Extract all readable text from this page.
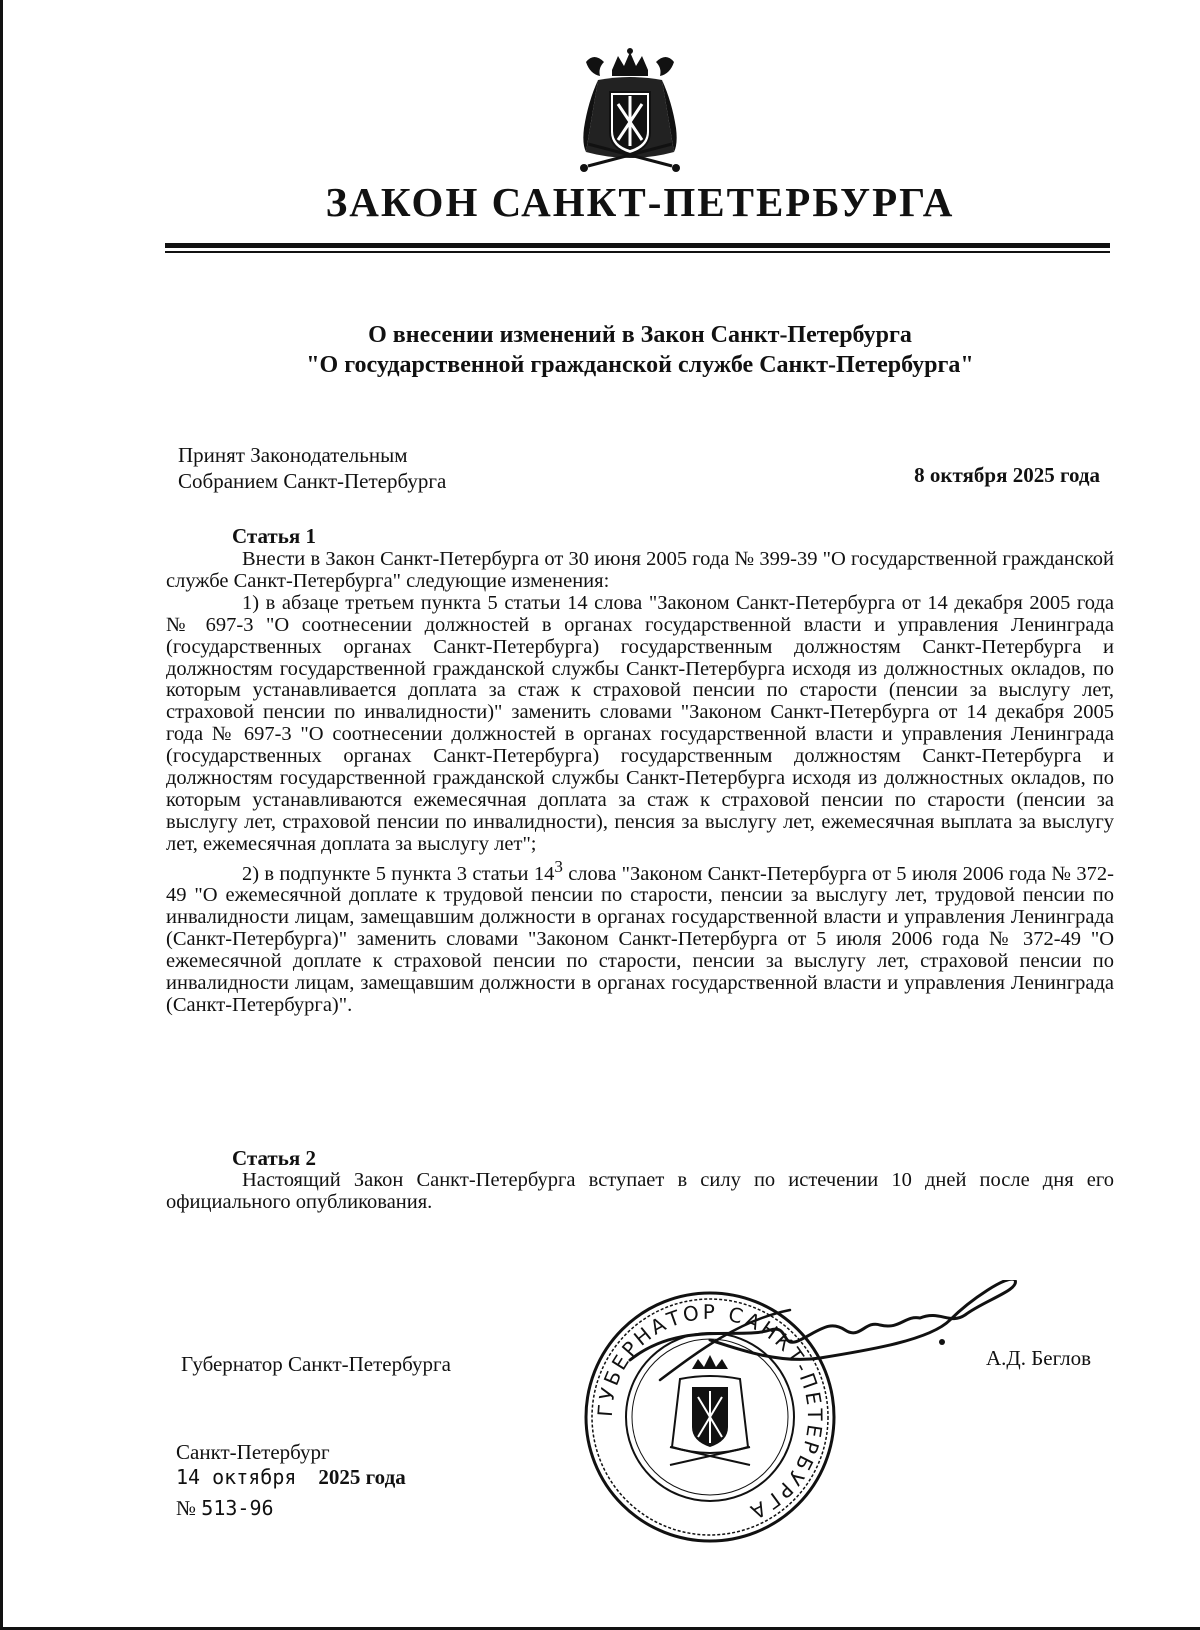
ЗАКОН САНКТ-ПЕТЕРБУРГА
О внесении изменений в Закон Санкт-Петербурга
"О государственной гражданской службе Санкт-Петербурга"
Принят Законодательным
Собранием Санкт-Петербурга	8 октября 2025 года
Статья 1

Внести в Закон Санкт-Петербурга от 30 июня 2005 года № 399-39 "О государственной гражданской службе Санкт-Петербурга" следующие изменения:

1) в абзаце третьем пункта 5 статьи 14 слова "Законом Санкт-Петербурга от 14 декабря 2005 года № 697-3 "О соотнесении должностей в органах государственной власти и управления Ленинграда (государственных органах Санкт-Петербурга) государственным должностям Санкт-Петербурга и должностям государственной гражданской службы Санкт-Петербурга исходя из должностных окладов, по которым устанавливается доплата за стаж к страховой пенсии по старости (пенсии за выслугу лет, страховой пенсии по инвалидности)" заменить словами "Законом Санкт-Петербурга от 14 декабря 2005 года № 697-3 "О соотнесении должностей в органах государственной власти и управления Ленинграда (государственных органах Санкт-Петербурга) государственным должностям Санкт-Петербурга и должностям государственной гражданской службы Санкт-Петербурга исходя из должностных окладов, по которым устанавливаются ежемесячная доплата за стаж к страховой пенсии по старости (пенсии за выслугу лет, страховой пенсии по инвалидности), пенсия за выслугу лет, ежемесячная выплата за выслугу лет, ежемесячная доплата за выслугу лет";

2) в подпункте 5 пункта 3 статьи $14^3$ слова "Законом Санкт-Петербурга от 5 июля 2006 года № 372-49 "О ежемесячной доплате к трудовой пенсии по старости, пенсии за выслугу лет, трудовой пенсии по инвалидности лицам, замещавшим должности в органах государственной власти и управления Ленинграда (Санкт-Петербурга)" заменить словами "Законом Санкт-Петербурга от 5 июля 2006 года № 372-49 "О ежемесячной доплате к страховой пенсии по старости, пенсии за выслугу лет, страховой пенсии по инвалидности лицам, замещавшим должности в органах государственной власти и управления Ленинграда (Санкт-Петербурга)".

Статья 2

Настоящий Закон Санкт-Петербурга вступает в силу по истечении 10 дней после дня его официального опубликования.

Губернатор Санкт-Петербурга
ГУБЕРНАТОР САНКТ-ПЕТЕРБУРГА
А.Д. Беглов
Санкт-Петербург
14 октября 2025 года
№ 513-96
